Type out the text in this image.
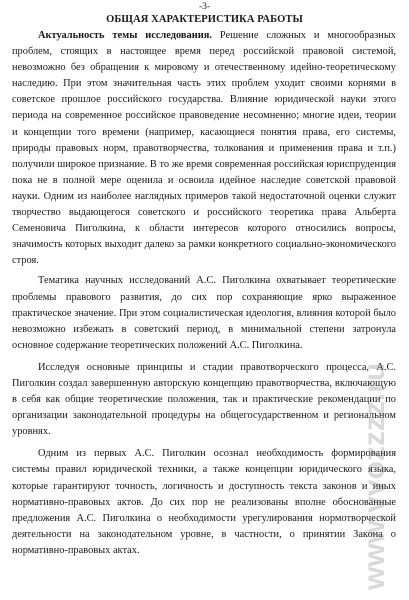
-3-
ОБЩАЯ ХАРАКТЕРИСТИКА РАБОТЫ

Актуальность темы исследования. Решение сложных и многообразных проблем, стоящих в настоящее время перед российской правовой системой, невозможно без обращения к мировому и отечественному идейно-теоретическому наследию. При этом значительная часть этих проблем уходит своими корнями в советское прошлое российского государства. Влияние юридической науки этого периода на современное российское правоведение несомненно; многие идеи, теории и концепции того времени (например, касающиеся понятия права, его системы, природы правовых норм, правотворчества, толкования и применения права и т.п.) получили широкое признание. В то же время современная российская юриспруденция пока не в полной мере оценила и освоила идейное наследие советской правовой науки. Одним из наиболее наглядных примеров такой недостаточной оценки служит творчество выдающегося советского и российского теоретика права Альберта Семеновича Пиголкина, к области интересов которого относились вопросы, значимость которых выходит далеко за рамки конкретного социально-экономического строя.

Тематика научных исследований А.С. Пиголкина охватывает теоретические проблемы правового развития, до сих пор сохраняющие ярко выраженное практическое значение. При этом социалистическая идеология, влияния которой было невозможно избежать в советский период, в минимальной степени затронула основное содержание теоретических положений А.С. Пиголкина.

Исследуя основные принципы и стадии правотворческого процесса, А.С. Пиголкин создал завершенную авторскую концепцию правотворчества, включающую в себя как общие теоретические положения, так и практические рекомендации по организации законодательной процедуры на общегосударственном и региональном уровнях.

Одним из первых А.С. Пиголкин осознал необходимость формирования системы правил юридической техники, а также концепции юридического языка, которые гарантируют точность, логичность и доступность текста законов и иных нормативно-правовых актов. До сих пор не реализованы вполне обоснованные предложения А.С. Пиголкина о необходимости урегулирования нормотворческой деятельности на законодательном уровне, в частности, о принятии Закона о нормативно-правовых актах.	www.vvozzzz.ru
